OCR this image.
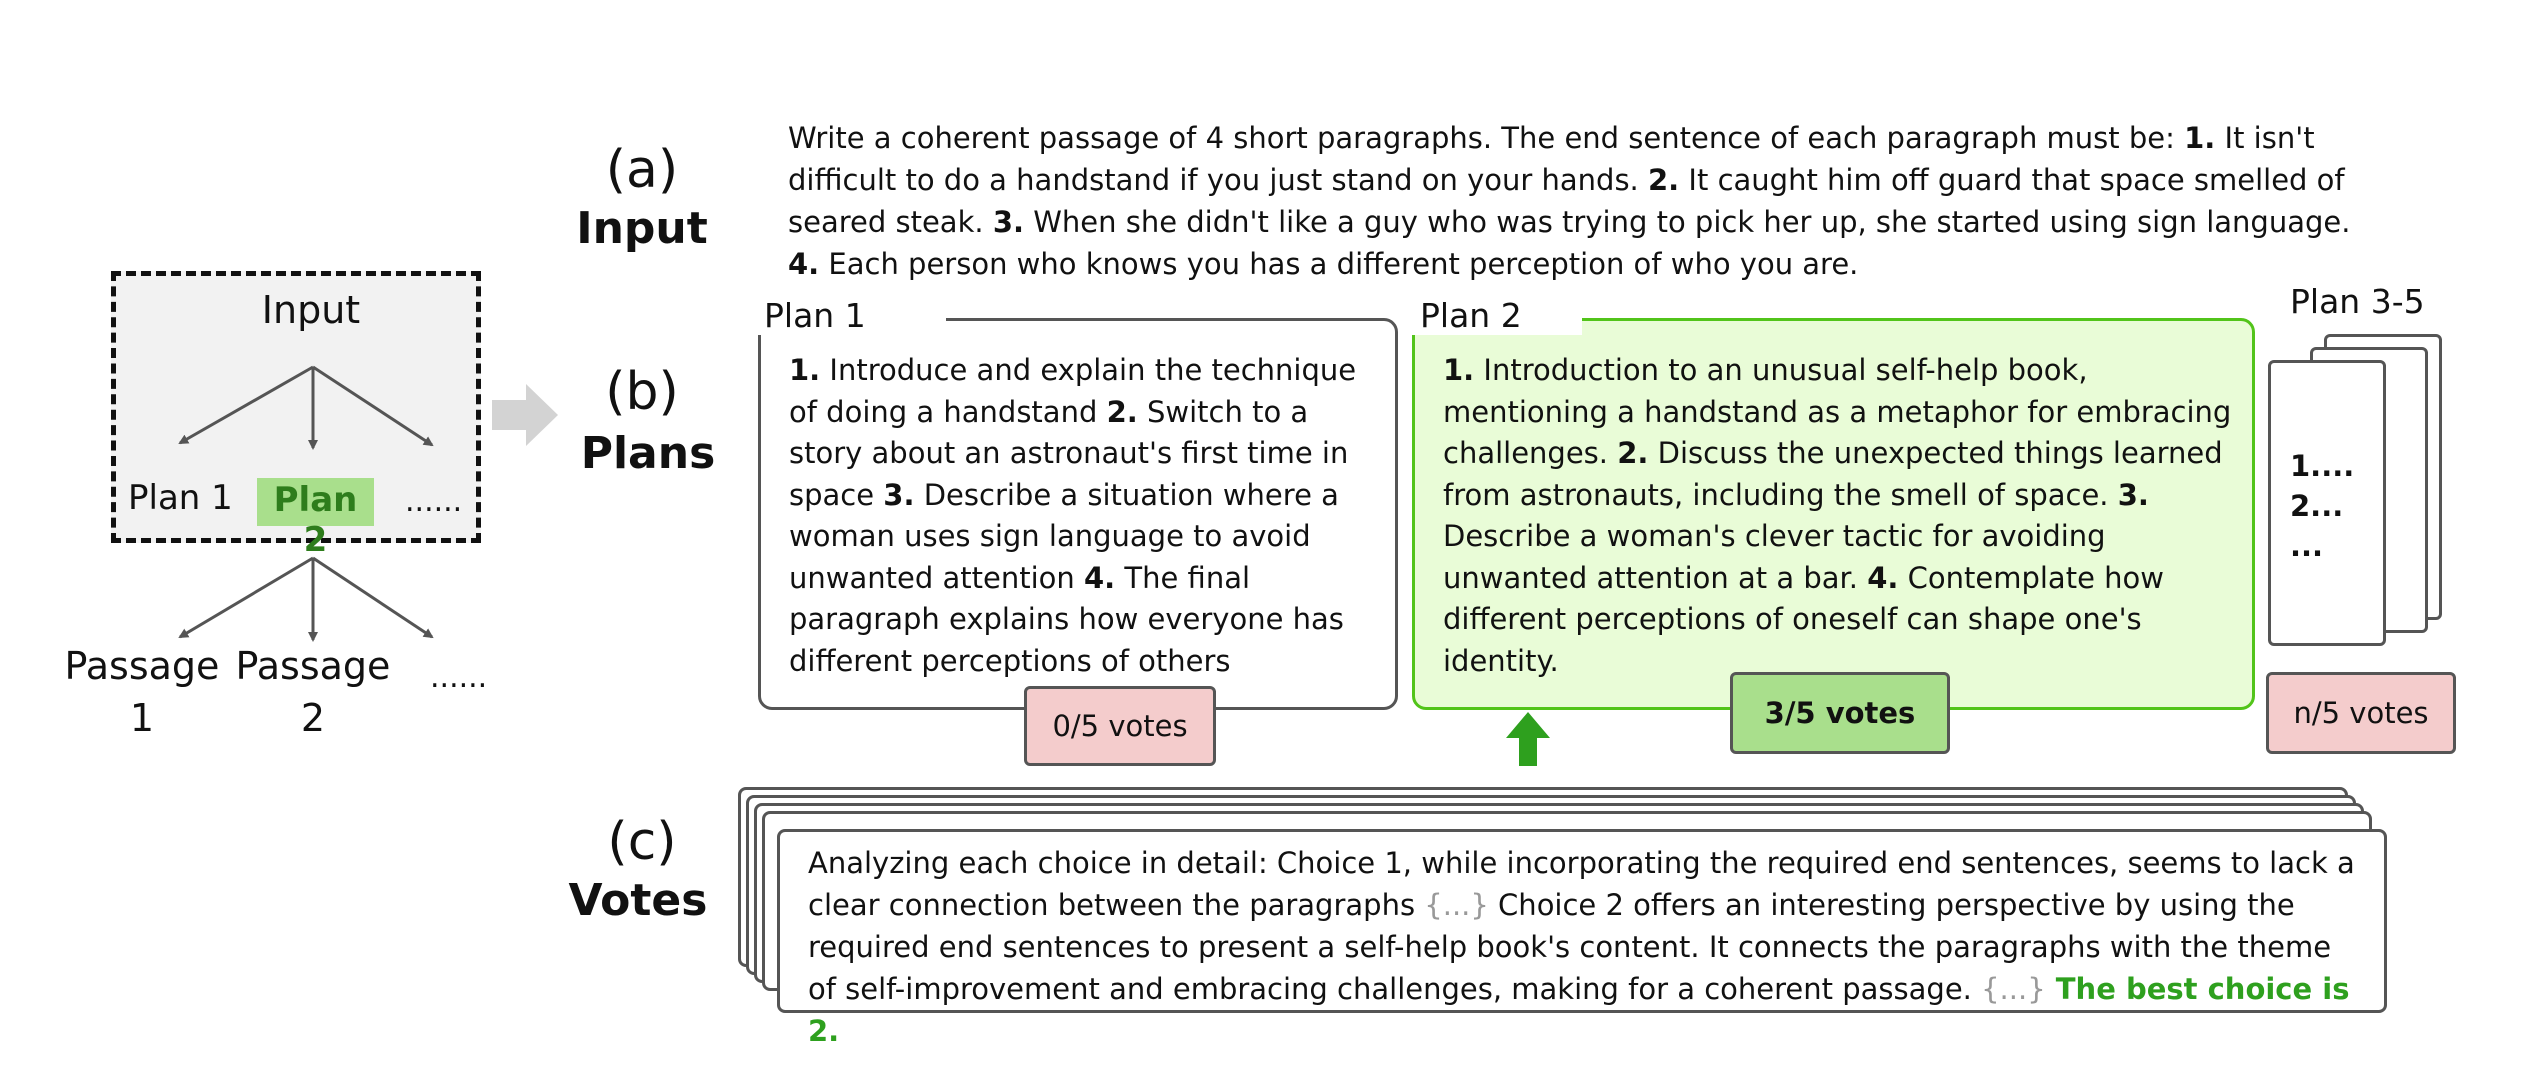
Input
Plan 1	Plan 2
......
Passage
1
Passage
2
......
(a)
Input
(b)
Plans
(c)
Votes
Write a coherent passage of 4 short paragraphs. The end sentence of each paragraph must be: 1. It isn't difficult to do a handstand if you just stand on your hands. 2. It caught him off guard that space smelled of seared steak. 3. When she didn't like a guy who was trying to pick her up, she started using sign language. 4. Each person who knows you has a different perception of who you are.
Plan 1
1. Introduce and explain the technique of doing a handstand 2. Switch to a story about an astronaut's first time in space 3. Describe a situation where a woman uses sign language to avoid unwanted attention 4. The final paragraph explains how everyone has different perceptions of others
0/5 votes
Plan 2
1. Introduction to an unusual self-help book, mentioning a handstand as a metaphor for embracing challenges. 2. Discuss the unexpected things learned from astronauts, including the smell of space. 3. Describe a woman's clever tactic for avoiding unwanted attention at a bar. 4. Contemplate how different perceptions of oneself can shape one's identity.
3/5 votes
Plan 3-5
1....
2...
...
n/5 votes
Analyzing each choice in detail: Choice 1, while incorporating the required end sentences, seems to lack a clear connection between the paragraphs {...} Choice 2 offers an interesting perspective by using the required end sentences to present a self-help book's content. It connects the paragraphs with the theme of self-improvement and embracing challenges, making for a coherent passage. {...} The best choice is 2.
